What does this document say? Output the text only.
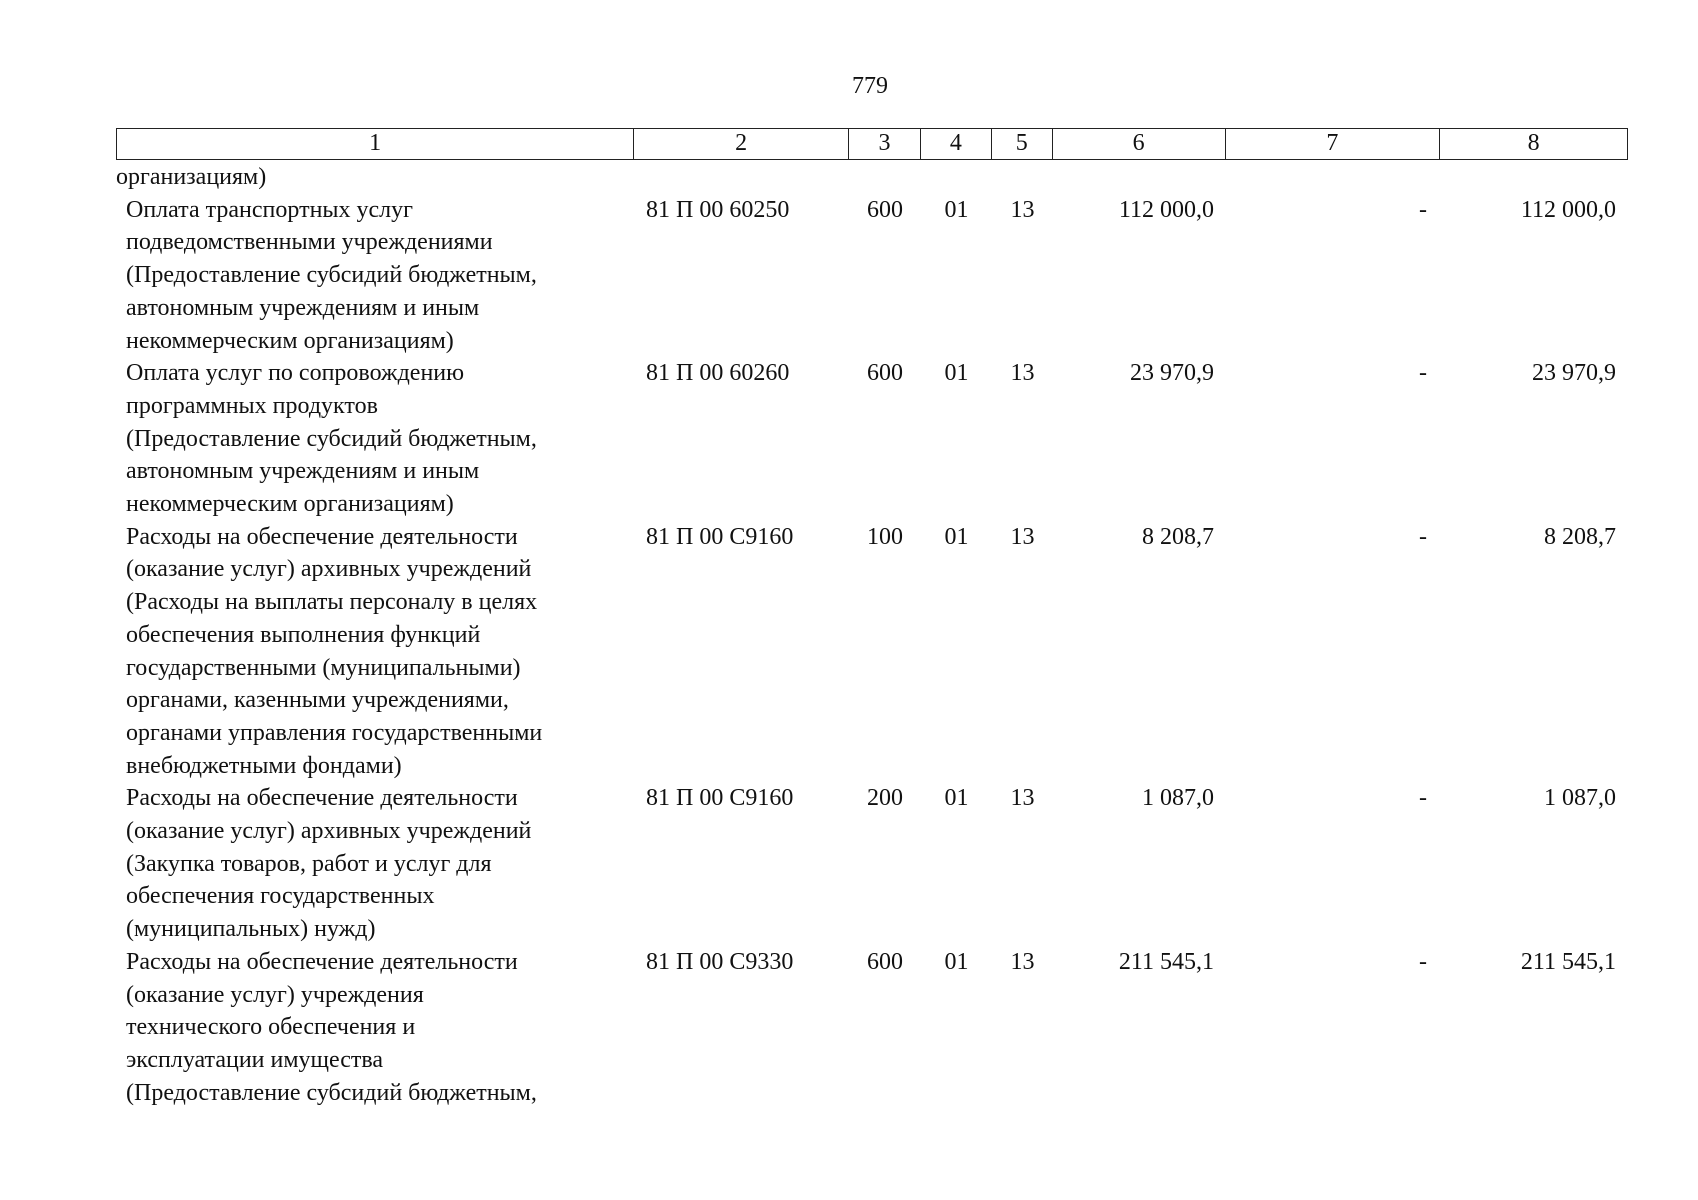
779
1	2	3	4	5	6	7	8
организациям)
Оплата транспортных услуг
подведомственными учреждениями
(Предоставление субсидий бюджетным,
автономным учреждениям и иным
некоммерческим организациям)
81 П 00 60250	600	01	13	112 000,0	-	112 000,0
Оплата услуг по сопровождению
программных продуктов
(Предоставление субсидий бюджетным,
автономным учреждениям и иным
некоммерческим организациям)
81 П 00 60260	600	01	13	23 970,9	-	23 970,9
Расходы на обеспечение деятельности
(оказание услуг) архивных учреждений
(Расходы на выплаты персоналу в целях
обеспечения выполнения функций
государственными (муниципальными)
органами, казенными учреждениями,
органами управления государственными
внебюджетными фондами)
81 П 00 С9160	100	01	13	8 208,7	-	8 208,7
Расходы на обеспечение деятельности
(оказание услуг) архивных учреждений
(Закупка товаров, работ и услуг для
обеспечения государственных
(муниципальных) нужд)
81 П 00 С9160	200	01	13	1 087,0	-	1 087,0
Расходы на обеспечение деятельности
(оказание услуг) учреждения
технического обеспечения и
эксплуатации имущества
(Предоставление субсидий бюджетным,
81 П 00 С9330	600	01	13	211 545,1	-	211 545,1
